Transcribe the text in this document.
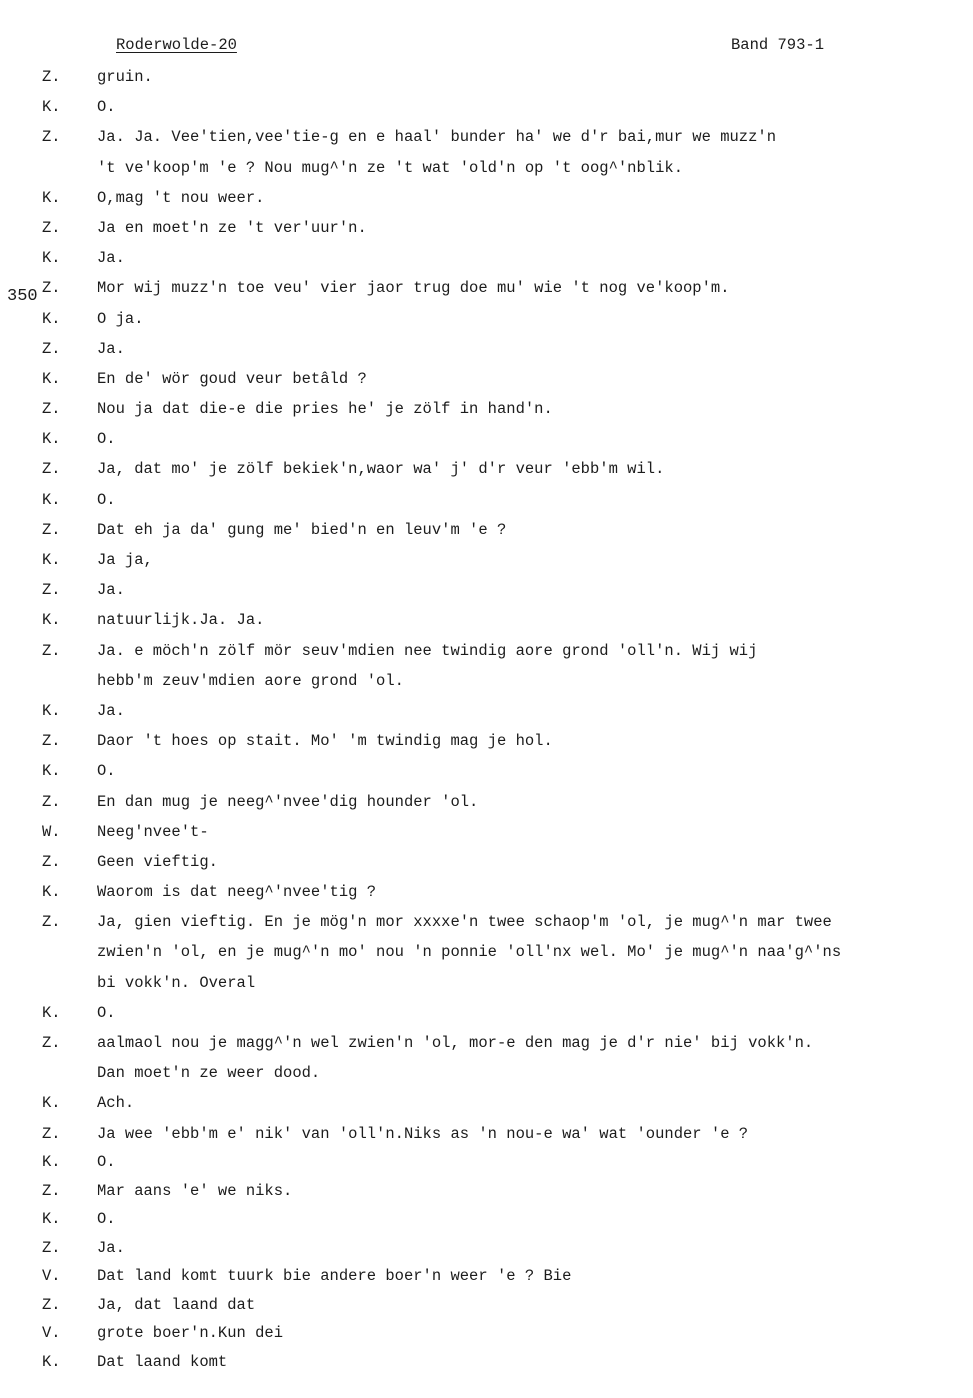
Roderwolde-20	Band 793-1
Z. gruin.
K. O.
Z. Ja. Ja. Vee'tien,vee'tie-g en e haal' bunder ha' we d'r bai,mur we muzz'n
't ve'koop'm 'e ? Nou mug^'n ze 't wat 'old'n op 't oog^'nblik.
K. O,mag 't nou weer.
Z. Ja en moet'n ze 't ver'uur'n.
K. Ja.
350 Z. Mor wij muzz'n toe veu' vier jaor trug doe mu' wie 't nog ve'koop'm.
K. O ja.
Z. Ja.
K. En de' wör goud veur betâld ?
Z. Nou ja dat die-e die pries he' je zölf in hand'n.
K. O.
Z. Ja, dat mo' je zölf bekiek'n,waor wa' j' d'r veur 'ebb'm wil.
K. O.
Z. Dat eh ja da' gung me' bied'n en leuv'm 'e ?
K. Ja ja,
Z. Ja.
K. natuurlijk.Ja. Ja.
Z. Ja. e möch'n zölf mör seuv'mdien nee twindig aore grond 'oll'n. Wij wij
hebb'm zeuv'mdien aore grond 'ol.
K. Ja.
Z. Daor 't hoes op stait. Mo' 'm twindig mag je hol.
K. O.
Z. En dan mug je neeg^'nvee'dig hounder 'ol.
W. Neeg'nvee't-
Z. Geen vieftig.
K. Waorom is dat neeg^'nvee'tig ?
Z. Ja, gien vieftig. En je mög'n mor xxxxe'n twee schaop'm 'ol, je mug^'n mar twee
zwien'n 'ol, en je mug^'n mo' nou 'n ponnie 'oll'nx wel. Mo' je mug^'n naa'g^'ns
bi vokk'n. Overal
K. O.
Z. aalmaol nou je magg^'n wel zwien'n 'ol, mor-e den mag je d'r nie' bij vokk'n.
Dan moet'n ze weer dood.
K. Ach.
Z. Ja wee 'ebb'm e' nik' van 'oll'n.Niks as 'n nou-e wa' wat 'ounder 'e ?
K. O.
Z. Mar aans 'e' we niks.
K. O.
Z. Ja.
V. Dat land komt tuurk bie andere boer'n weer 'e ? Bie
Z. Ja, dat laand dat
V. grote boer'n.Kun dei
K. Dat laand komt
